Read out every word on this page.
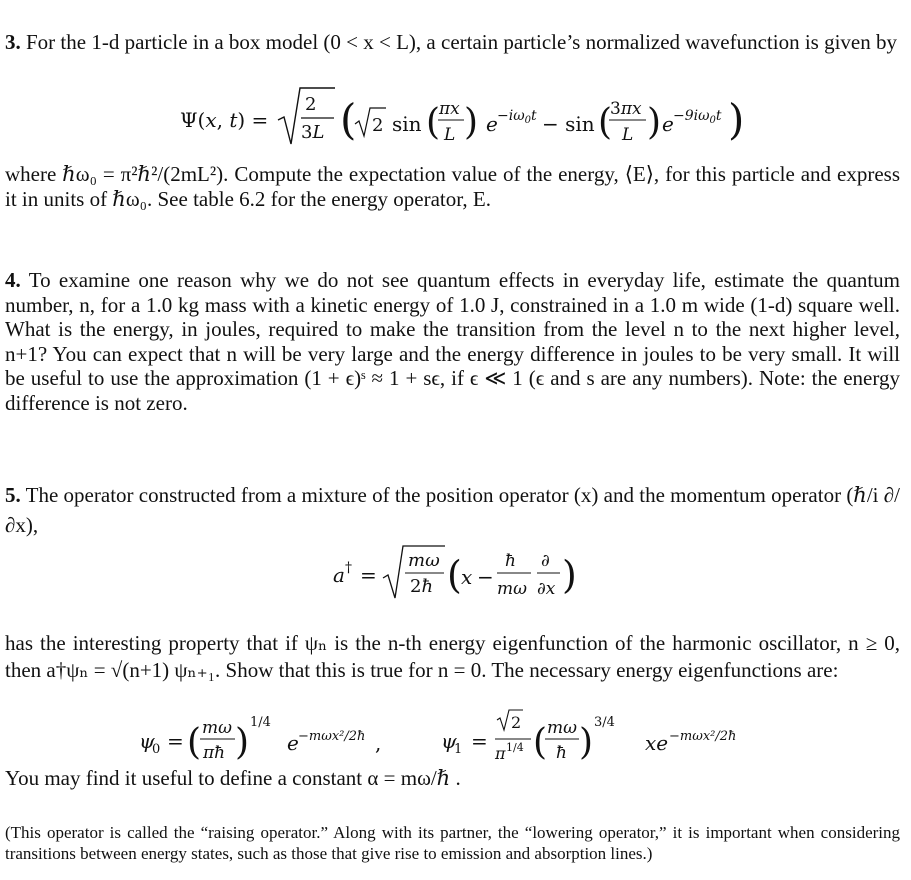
3. For the 1-d particle in a box model (0 < x < L), a certain particle’s normalized wavefunction is given by
Ψ(x, t) =
2
3L ( 2 sin (
πx
L ) $e -i\omega_0t - \sin$ (
3πx
L ) $e -9i\omega_0t$ )
where ℏω₀ = π²ℏ²/(2mL²). Compute the expectation value of the energy, ⟨E⟩, for this particle and express it in units of ℏω₀. See table 6.2 for the energy operator, E.
4. To examine one reason why we do not see quantum effects in everyday life, estimate the quantum number, n, for a 1.0 kg mass with a kinetic energy of 1.0 J, constrained in a 1.0 m wide (1-d) square well. What is the energy, in joules, required to make the transition from the level n to the next higher level, n+1? You can expect that n will be very large and the energy difference in joules to be very small. It will be useful to use the approximation (1 + ϵ)ˢ ≈ 1 + sϵ, if ϵ ≪ 1 (ϵ and s are any numbers). Note: the energy difference is not zero.
5. The operator constructed from a mixture of the position operator (x) and the momentum operator (ℏ/i ∂/∂x),
a † =
mω
2ħ ( x −
ħ
mω
∂
∂x )
has the interesting property that if ψₙ is the n-th energy eigenfunction of the harmonic oscillator, n ≥ 0, then a†ψₙ = √(n+1) ψₙ₊₁. Show that this is true for n = 0. The necessary energy eigenfunctions are:
ψ
0 = ( mω
πħ ) 1/4
e −mωx²/2ħ ,	ψ
1 =
2
π 1/4 ( mω
ħ ) 3/4
xe −mωx²/2ħ
You may find it useful to define a constant α = mω/ℏ .
(This operator is called the “raising operator.” Along with its partner, the “lowering operator,” it is important when considering transitions between energy states, such as those that give rise to emission and absorption lines.)
